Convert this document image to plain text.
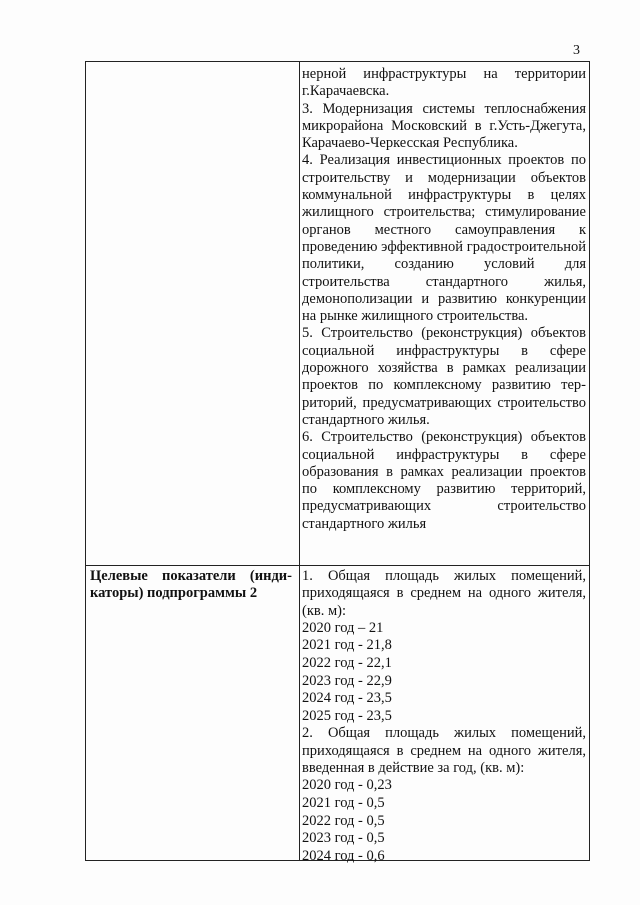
3

нерной инфраструктуры на территории г.Карачаевска.

3. Модернизация системы теплоснабжения микрорайона Московский в г.Усть-Джегута, Карачаево-Черкесская Республика.

4. Реализация инвестиционных проектов по строительству и модернизации объектов коммунальной инфраструктуры в целях жилищного строительства; стимулирование органов местного самоуправления к проведению эффективной градостроительной политики, созданию условий для строительства стандартного жилья, демонополизации и развитию конкуренции на рынке жилищного строительства.

5. Строительство (реконструкция) объектов социальной инфраструктуры в сфере дорожного хозяйства в рамках реализации проектов по комплексному развитию территорий, предусматривающих строительство стандартного жилья.

6. Строительство (реконструкция) объектов социальной инфраструктуры в сфере образования в рамках реализации проектов по комплексному развитию территорий, предусматривающих строительство стандартного жилья

Целевые показатели (индикаторы) подпрограммы 2

1. Общая площадь жилых помещений, приходящаяся в среднем на одного жителя, (кв. м):

2020 год – 21

2021 год - 21,8

2022 год - 22,1

2023 год - 22,9

2024 год - 23,5

2025 год - 23,5

2. Общая площадь жилых помещений, приходящаяся в среднем на одного жителя, введенная в действие за год, (кв. м):

2020 год - 0,23

2021 год - 0,5

2022 год - 0,5

2023 год - 0,5

2024 год - 0,6
